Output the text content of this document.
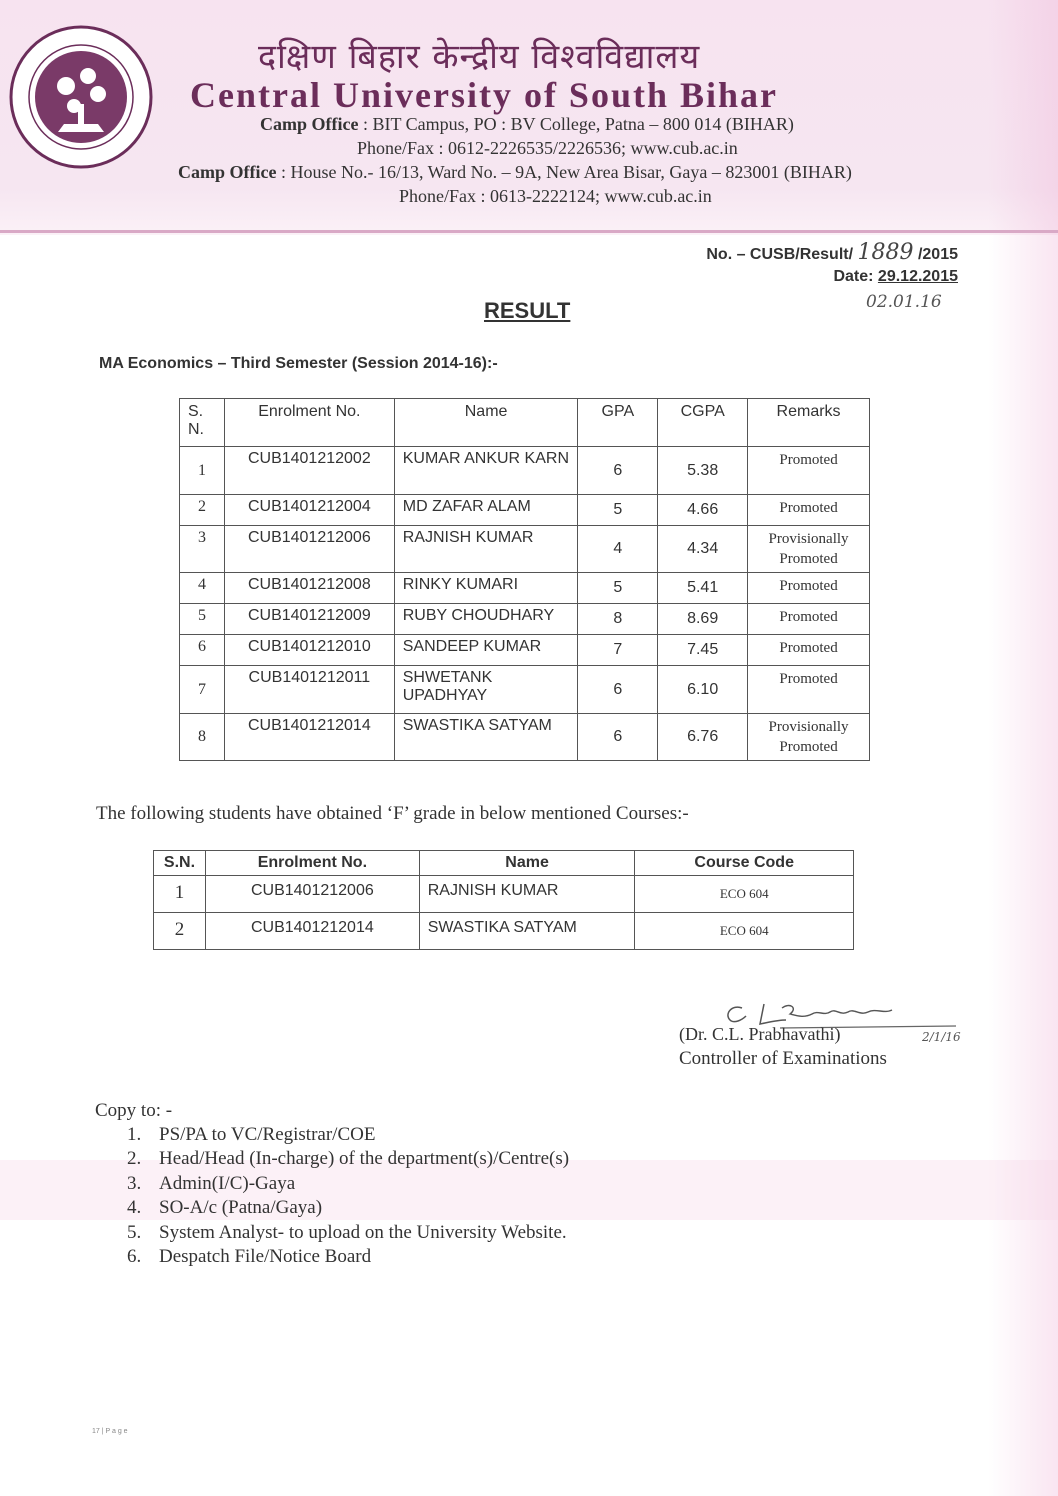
दक्षिण बिहार केन्द्रीय विश्वविद्यालय
Central University of South Bihar
Camp Office : BIT Campus, PO : BV College, Patna – 800 014 (BIHAR)
Phone/Fax : 0612-2226535/2226536; www.cub.ac.in
Camp Office : House No.- 16/13, Ward No. – 9A, New Area Bisar, Gaya – 823001 (BIHAR)
Phone/Fax : 0613-2222124; www.cub.ac.in
No. – CUSB/Result/ 1889 /2015
Date: 29.12.2015
02.01.16
RESULT
MA Economics – Third Semester (Session 2014-16):-
S. N.	Enrolment No.	Name	GPA	CGPA	Remarks
1	CUB1401212002	KUMAR ANKUR KARN	6	5.38	Promoted
2	CUB1401212004	MD ZAFAR ALAM	5	4.66	Promoted
3	CUB1401212006	RAJNISH KUMAR	4	4.34	Provisionally Promoted
4	CUB1401212008	RINKY KUMARI	5	5.41	Promoted
5	CUB1401212009	RUBY CHOUDHARY	8	8.69	Promoted
6	CUB1401212010	SANDEEP KUMAR	7	7.45	Promoted
7	CUB1401212011	SHWETANK UPADHYAY	6	6.10	Promoted
8	CUB1401212014	SWASTIKA SATYAM	6	6.76	Provisionally Promoted
The following students have obtained ‘F’ grade in below mentioned Courses:-
S.N.	Enrolment No.	Name	Course Code
1	CUB1401212006	RAJNISH KUMAR	ECO 604
2	CUB1401212014	SWASTIKA SATYAM	ECO 604
(Dr. C.L. Prabhavathi)	2/1/16
Controller of Examinations
Copy to: -
1. PS/PA to VC/Registrar/COE
2. Head/Head (In-charge) of the department(s)/Centre(s)
3. Admin(I/C)-Gaya
4. SO-A/c (Patna/Gaya)
5. System Analyst- to upload on the University Website.
6. Despatch File/Notice Board
17 | P a g e
